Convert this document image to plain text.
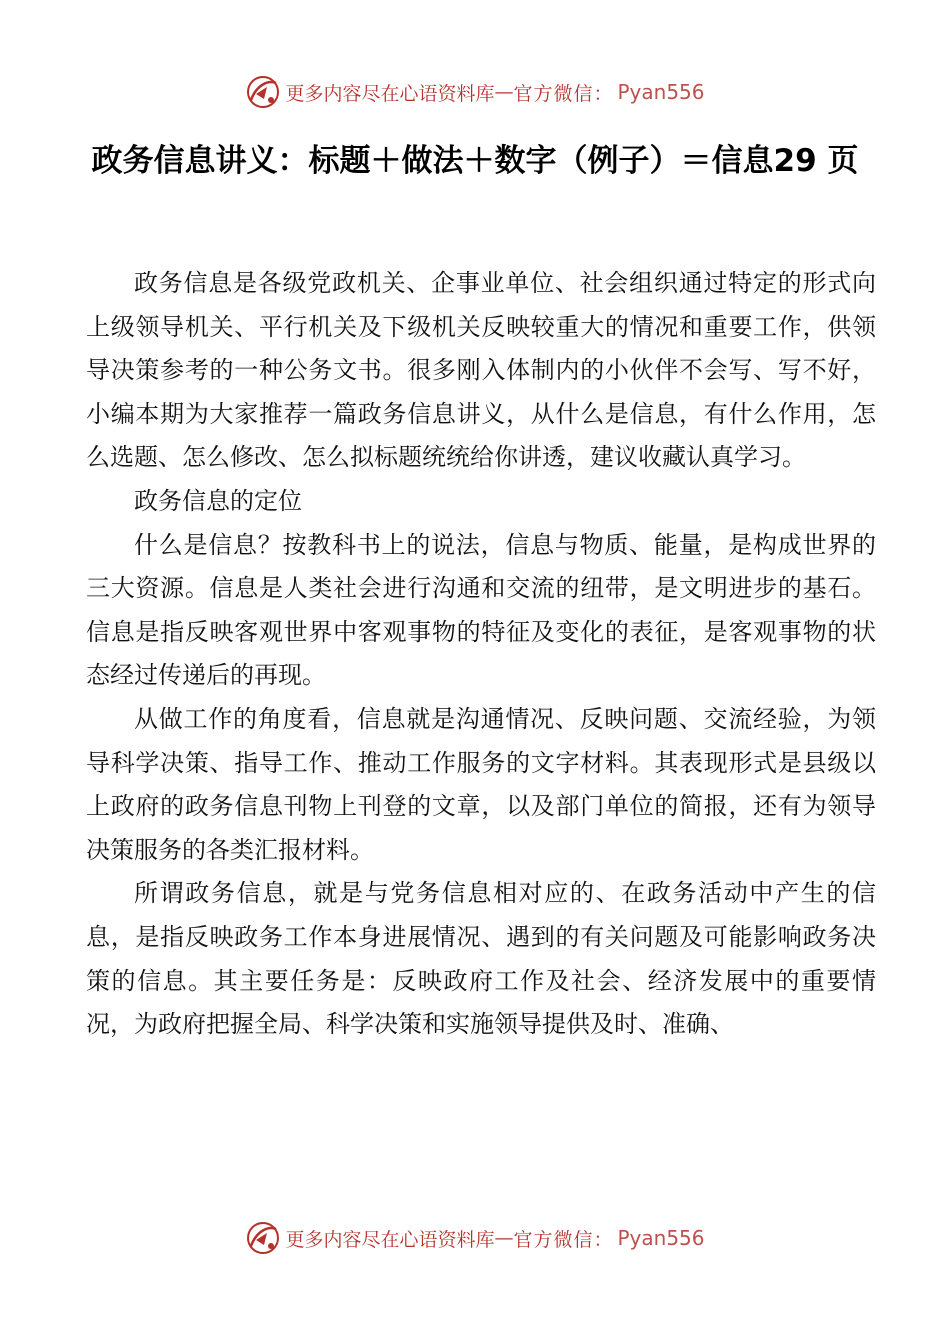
更多内容尽在心语资料库 — 官方微信： Pyan556
政务信息讲义：标题＋做法＋数字（例子）＝信息29 页

政务信息是各级党政机关、企事业单位、社会组织通过特定的形式向上级领导机关、平行机关及下级机关反映较重大的情况和重要工作，供领导决策参考的一种公务文书。很多刚入体制内的小伙伴不会写、写不好，小编本期为大家推荐一篇政务信息讲义，从什么是信息，有什么作用，怎么选题、怎么修改、怎么拟标题统统给你讲透，建议收藏认真学习。

政务信息的定位

什么是信息？按教科书上的说法，信息与物质、能量，是构成世界的三大资源。信息是人类社会进行沟通和交流的纽带，是文明进步的基石。信息是指反映客观世界中客观事物的特征及变化的表征，是客观事物的状态经过传递后的再现。

从做工作的角度看，信息就是沟通情况、反映问题、交流经验，为领导科学决策、指导工作、推动工作服务的文字材料。其表现形式是县级以上政府的政务信息刊物上刊登的文章，以及部门单位的简报，还有为领导决策服务的各类汇报材料。

所谓政务信息，就是与党务信息相对应的、在政务活动中产生的信息，是指反映政务工作本身进展情况、遇到的有关问题及可能影响政务决策的信息。其主要任务是：反映政府工作及社会、经济发展中的重要情况，为政府把握全局、科学决策和实施领导提供及时、准确、

更多内容尽在心语资料库 — 官方微信： Pyan556
